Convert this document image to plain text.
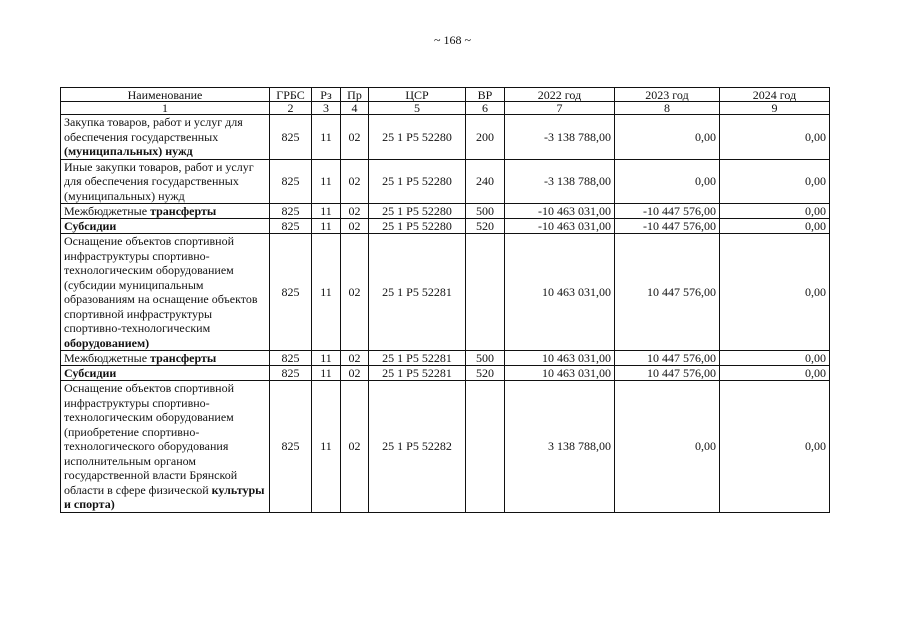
~ 168 ~
Наименование	ГРБС	Рз	Пр	ЦСР	ВР	2022 год	2023 год	2024 год
1	2	3	4	5	6	7	8	9
Закупка товаров, работ и услуг для обеспечения государственных (муниципальных) нужд	825	11	02	25 1 P5 52280	200	-3 138 788,00	0,00	0,00
Иные закупки товаров, работ и услуг для обеспечения государственных (муниципальных) нужд	825	11	02	25 1 P5 52280	240	-3 138 788,00	0,00	0,00
Межбюджетные трансферты	825	11	02	25 1 P5 52280	500	-10 463 031,00	-10 447 576,00	0,00
Субсидии	825	11	02	25 1 P5 52280	520	-10 463 031,00	-10 447 576,00	0,00
Оснащение объектов спортивной инфраструктуры спортивно-технологическим оборудованием (субсидии муниципальным образованиям на оснащение объектов спортивной инфраструктуры спортивно-технологическим оборудованием)	825	11	02	25 1 P5 52281		10 463 031,00	10 447 576,00	0,00
Межбюджетные трансферты	825	11	02	25 1 P5 52281	500	10 463 031,00	10 447 576,00	0,00
Субсидии	825	11	02	25 1 P5 52281	520	10 463 031,00	10 447 576,00	0,00
Оснащение объектов спортивной инфраструктуры спортивно-технологическим оборудованием (приобретение спортивно-технологического оборудования исполнительным органом государственной власти Брянской области в сфере физической культуры и спорта)	825	11	02	25 1 P5 52282		3 138 788,00	0,00	0,00
